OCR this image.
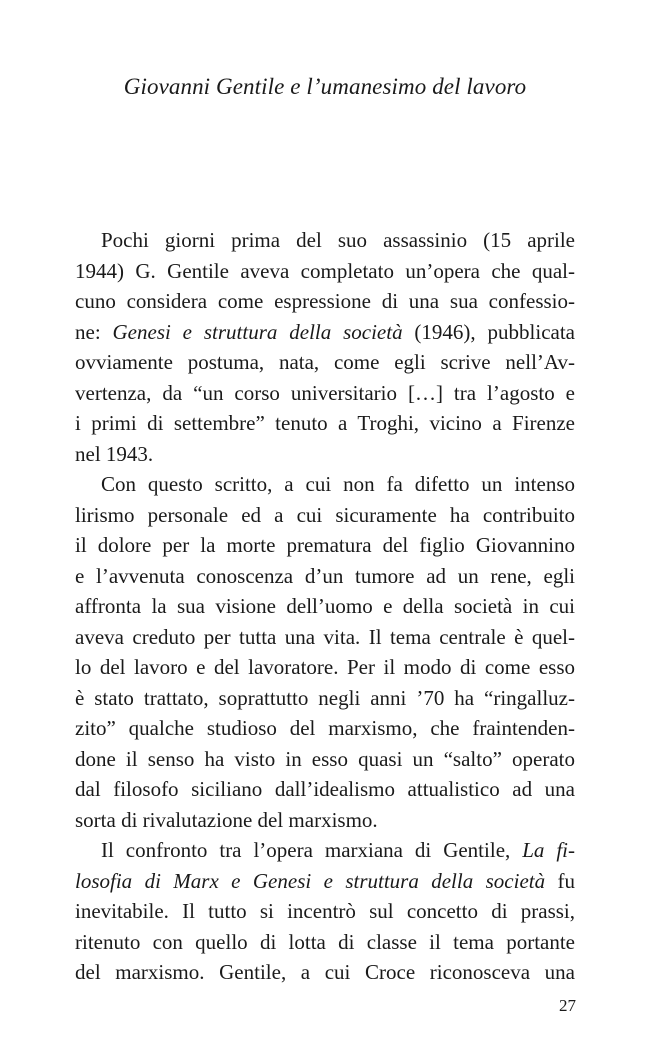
Giovanni Gentile e l’umanesimo del lavoro
Pochi giorni prima del suo assassinio (15 aprile
1944) G. Gentile aveva completato un’opera che qual-
cuno considera come espressione di una sua confessio-
ne: Genesi e struttura della società (1946), pubblicata
ovviamente postuma, nata, come egli scrive nell’Av-
vertenza, da “un corso universitario […] tra l’agosto e
i primi di settembre” tenuto a Troghi, vicino a Firenze
nel 1943.
Con questo scritto, a cui non fa difetto un intenso
lirismo personale ed a cui sicuramente ha contribuito
il dolore per la morte prematura del figlio Giovannino
e l’avvenuta conoscenza d’un tumore ad un rene, egli
affronta la sua visione dell’uomo e della società in cui
aveva creduto per tutta una vita. Il tema centrale è quel-
lo del lavoro e del lavoratore. Per il modo di come esso
è stato trattato, soprattutto negli anni ’70 ha “ringalluz-
zito” qualche studioso del marxismo, che fraintenden-
done il senso ha visto in esso quasi un “salto” operato
dal filosofo siciliano dall’idealismo attualistico ad una
sorta di rivalutazione del marxismo.
Il confronto tra l’opera marxiana di Gentile, La fi-
losofia di Marx e Genesi e struttura della società fu
inevitabile. Il tutto si incentrò sul concetto di prassi,
ritenuto con quello di lotta di classe il tema portante
del marxismo. Gentile, a cui Croce riconosceva una
27
